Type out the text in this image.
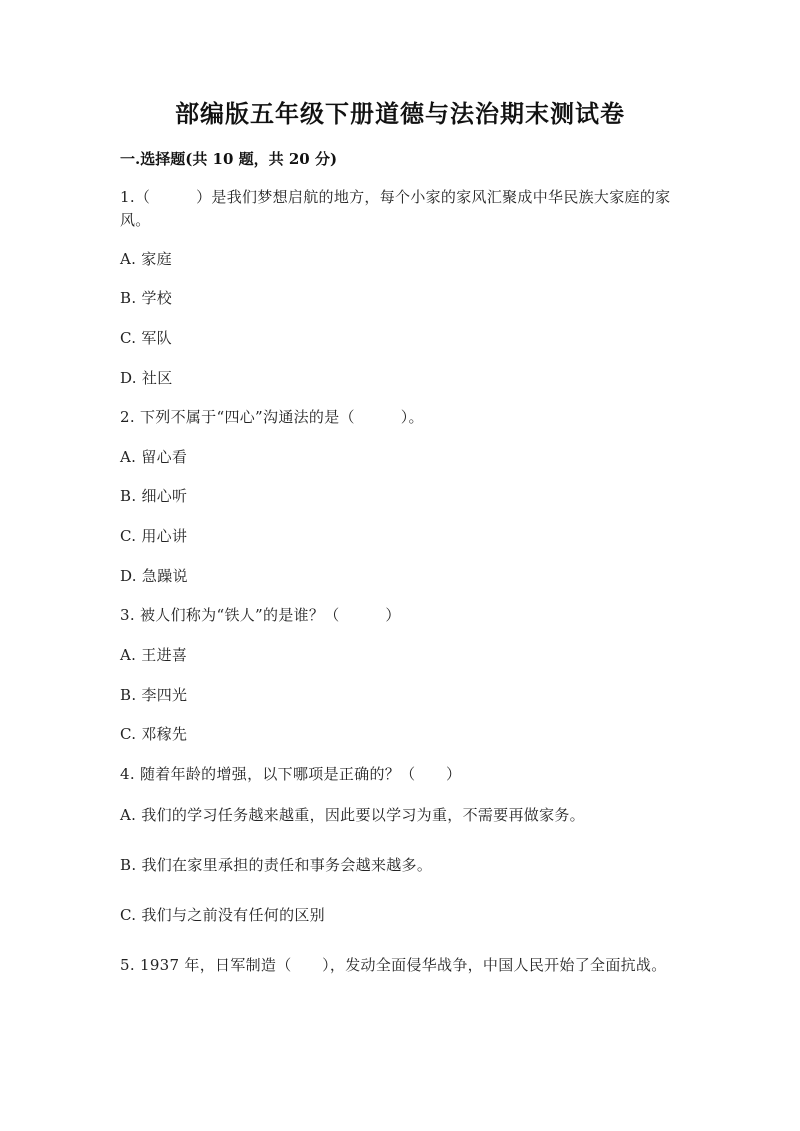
部编版五年级下册道德与法治期末测试卷
一.选择题(共 10 题，共 20 分)
1.（　　　）是我们梦想启航的地方，每个小家的家风汇聚成中华民族大家庭的家风。
A. 家庭
B. 学校
C. 军队
D. 社区
2. 下列不属于“四心”沟通法的是（　　　）。
A. 留心看
B. 细心听
C. 用心讲
D. 急躁说
3. 被人们称为“铁人”的是谁？（　　　）
A. 王进喜
B. 李四光
C. 邓稼先
4. 随着年龄的增强，以下哪项是正确的？（　　）
A. 我们的学习任务越来越重，因此要以学习为重，不需要再做家务。
B. 我们在家里承担的责任和事务会越来越多。
C. 我们与之前没有任何的区别
5. 1937 年，日军制造（　　），发动全面侵华战争，中国人民开始了全面抗战。
